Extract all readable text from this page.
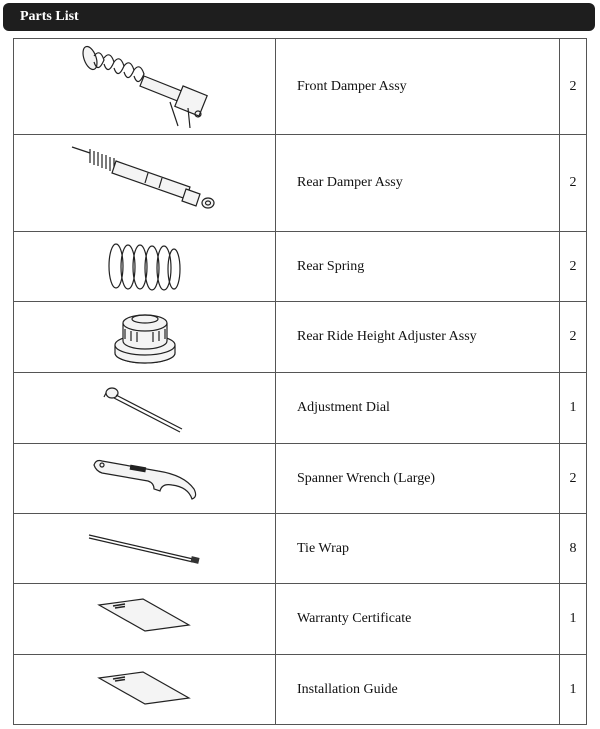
Parts List
	Front Damper Assy	2

	Rear Damper Assy	2

	Rear Spring	2

	Rear Ride Height Adjuster Assy	2

	Adjustment Dial	1

	Spanner Wrench (Large)	2

	Tie Wrap	8

	Warranty Certificate	1

	Installation Guide	1
